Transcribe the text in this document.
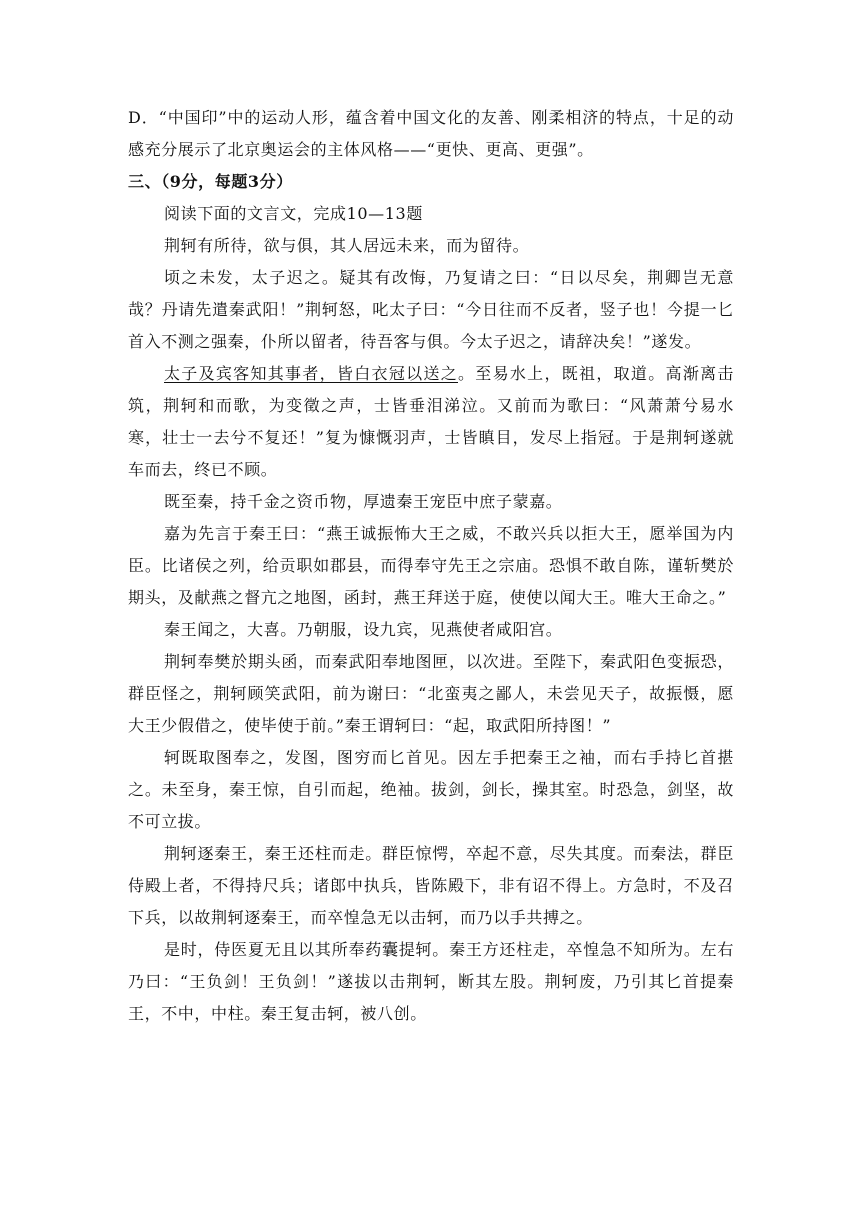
D．“中国印”中的运动人形，蕴含着中国文化的友善、刚柔相济的特点，十足的动感充分展示了北京奥运会的主体风格——“更快、更高、更强”。

三、（9分，每题3分）

阅读下面的文言文，完成10—13题

荆轲有所待，欲与俱，其人居远未来，而为留待。

顷之未发，太子迟之。疑其有改悔，乃复请之曰：“日以尽矣，荆卿岂无意哉？丹请先遣秦武阳！”荆轲怒，叱太子曰：“今日往而不反者，竖子也！今提一匕首入不测之强秦，仆所以留者，待吾客与俱。今太子迟之，请辞决矣！”遂发。

太子及宾客知其事者，皆白衣冠以送之。至易水上，既祖，取道。高渐离击筑，荆轲和而歌，为变徵之声，士皆垂泪涕泣。又前而为歌曰：“风萧萧兮易水寒，壮士一去兮不复还！”复为慷慨羽声，士皆瞋目，发尽上指冠。于是荆轲遂就车而去，终已不顾。

既至秦，持千金之资币物，厚遗秦王宠臣中庶子蒙嘉。

嘉为先言于秦王曰：“燕王诚振怖大王之威，不敢兴兵以拒大王，愿举国为内臣。比诸侯之列，给贡职如郡县，而得奉守先王之宗庙。恐惧不敢自陈，谨斩樊於期头，及献燕之督亢之地图，函封，燕王拜送于庭，使使以闻大王。唯大王命之。”

秦王闻之，大喜。乃朝服，设九宾，见燕使者咸阳宫。

荆轲奉樊於期头函，而秦武阳奉地图匣，以次进。至陛下，秦武阳色变振恐，群臣怪之，荆轲顾笑武阳，前为谢曰：“北蛮夷之鄙人，未尝见天子，故振慑，愿大王少假借之，使毕使于前。”秦王谓轲曰：“起，取武阳所持图！”

轲既取图奉之，发图，图穷而匕首见。因左手把秦王之袖，而右手持匕首揕之。未至身，秦王惊，自引而起，绝袖。拔剑，剑长，操其室。时恐急，剑坚，故不可立拔。

荆轲逐秦王，秦王还柱而走。群臣惊愕，卒起不意，尽失其度。而秦法，群臣侍殿上者，不得持尺兵；诸郎中执兵，皆陈殿下，非有诏不得上。方急时，不及召下兵，以故荆轲逐秦王，而卒惶急无以击轲，而乃以手共搏之。

是时，侍医夏无且以其所奉药囊提轲。秦王方还柱走，卒惶急不知所为。左右乃曰：“王负剑！王负剑！”遂拔以击荆轲，断其左股。荆轲废，乃引其匕首提秦王，不中，中柱。秦王复击轲，被八创。
